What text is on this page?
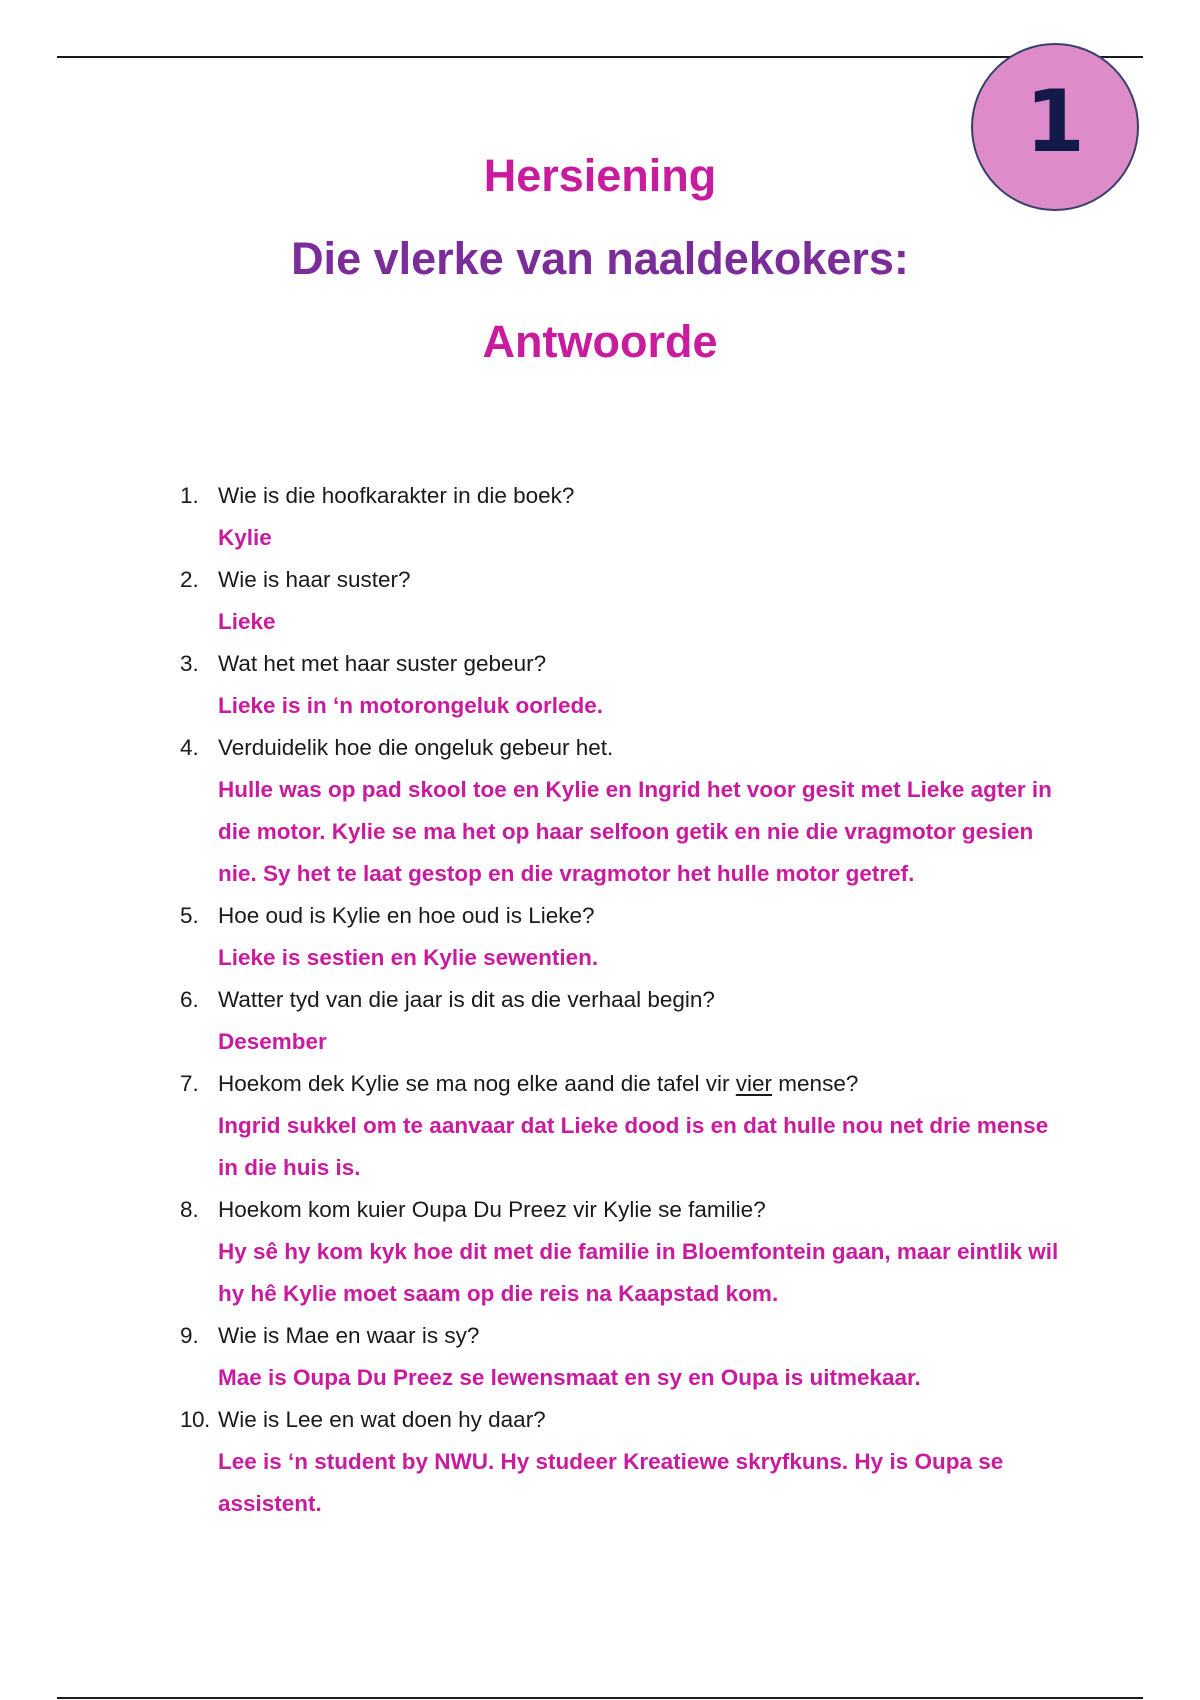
1
Hersiening
Die vlerke van naaldekokers:
Antwoorde
1. Wie is die hoofkarakter in die boek?
Kylie
2. Wie is haar suster?
Lieke
3. Wat het met haar suster gebeur?
Lieke is in ‘n motorongeluk oorlede.
4. Verduidelik hoe die ongeluk gebeur het.
Hulle was op pad skool toe en Kylie en Ingrid het voor gesit met Lieke agter in die motor. Kylie se ma het op haar selfoon getik en nie die vragmotor gesien nie. Sy het te laat gestop en die vragmotor het hulle motor getref.
5. Hoe oud is Kylie en hoe oud is Lieke?
Lieke is sestien en Kylie sewentien.
6. Watter tyd van die jaar is dit as die verhaal begin?
Desember
7. Hoekom dek Kylie se ma nog elke aand die tafel vir vier mense?
Ingrid sukkel om te aanvaar dat Lieke dood is en dat hulle nou net drie mense in die huis is.
8. Hoekom kom kuier Oupa Du Preez vir Kylie se familie?
Hy sê hy kom kyk hoe dit met die familie in Bloemfontein gaan, maar eintlik wil hy hê Kylie moet saam op die reis na Kaapstad kom.
9. Wie is Mae en waar is sy?
Mae is Oupa Du Preez se lewensmaat en sy en Oupa is uitmekaar.
10. Wie is Lee en wat doen hy daar?
Lee is ‘n student by NWU. Hy studeer Kreatiewe skryfkuns. Hy is Oupa se assistent.
